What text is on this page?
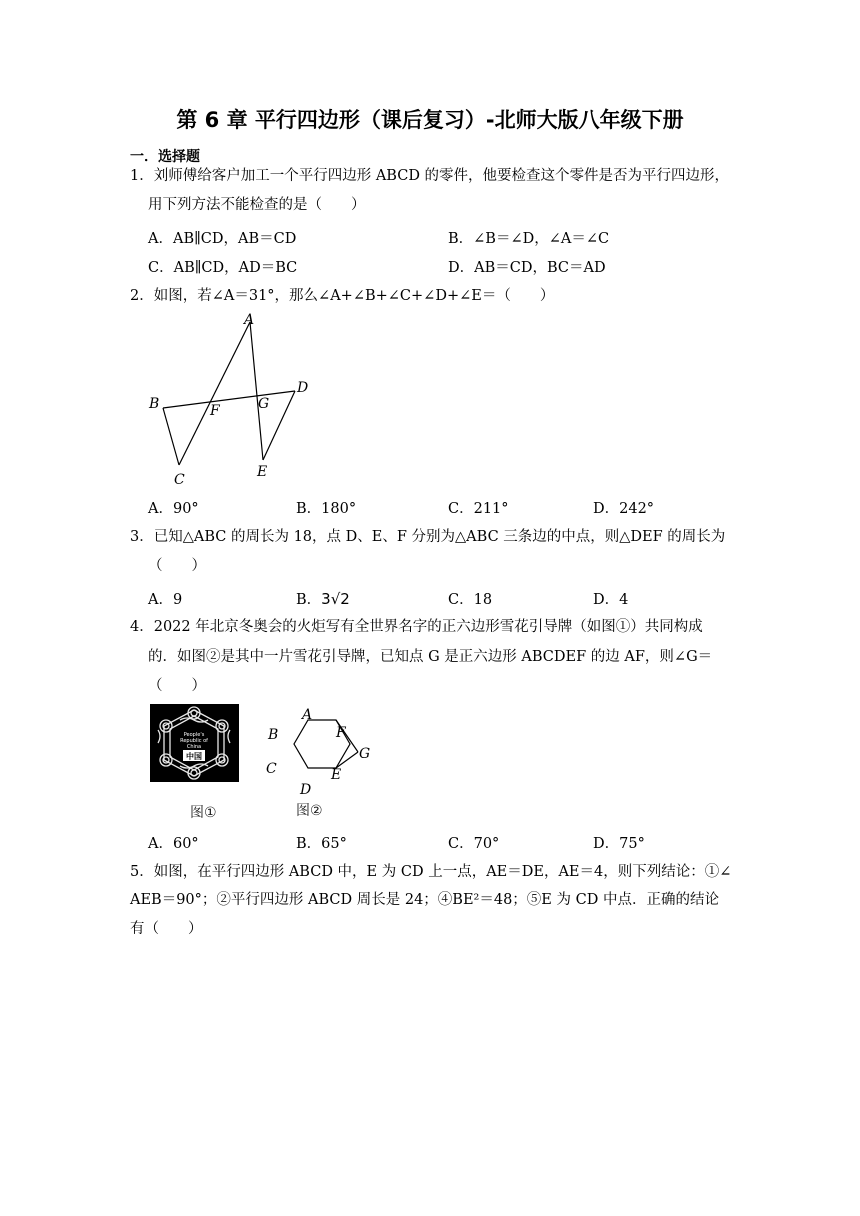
第 6 章 平行四边形（课后复习）-北师大版八年级下册
一．选择题
1．刘师傅给客户加工一个平行四边形 ABCD 的零件，他要检查这个零件是否为平行四边形，
用下列方法不能检查的是（　　）
A．AB∥CD，AB＝CD	B．∠B＝∠D，∠A＝∠C
C．AB∥CD，AD＝BC	D．AB＝CD，BC＝AD
2．如图，若∠A＝31°，那么∠A+∠B+∠C+∠D+∠E＝（　　）
A
B
C
D
E
F	G
A．90°	B．180°	C．211°	D．242°
3．已知△ABC 的周长为 18，点 D、E、F 分别为△ABC 三条边的中点，则△DEF 的周长为
（　　）
A．9	B．3√2	C．18	D．4
4．2022 年北京冬奥会的火炬写有全世界名字的正六边形雪花引导牌（如图①）共同构成
的．如图②是其中一片雪花引导牌，已知点 G 是正六边形 ABCDEF 的边 AF，则∠G＝
（　　）
People's
Republic of
China
中国
图①
A
B
C
D
E
F
G
图②
A．60°	B．65°	C．70°	D．75°
5．如图，在平行四边形 ABCD 中，E 为 CD 上一点，AE＝DE，AE＝4，则下列结论：①∠
AEB＝90°；②平行四边形 ABCD 周长是 24；④BE²＝48；⑤E 为 CD 中点．正确的结论
有（　　）
